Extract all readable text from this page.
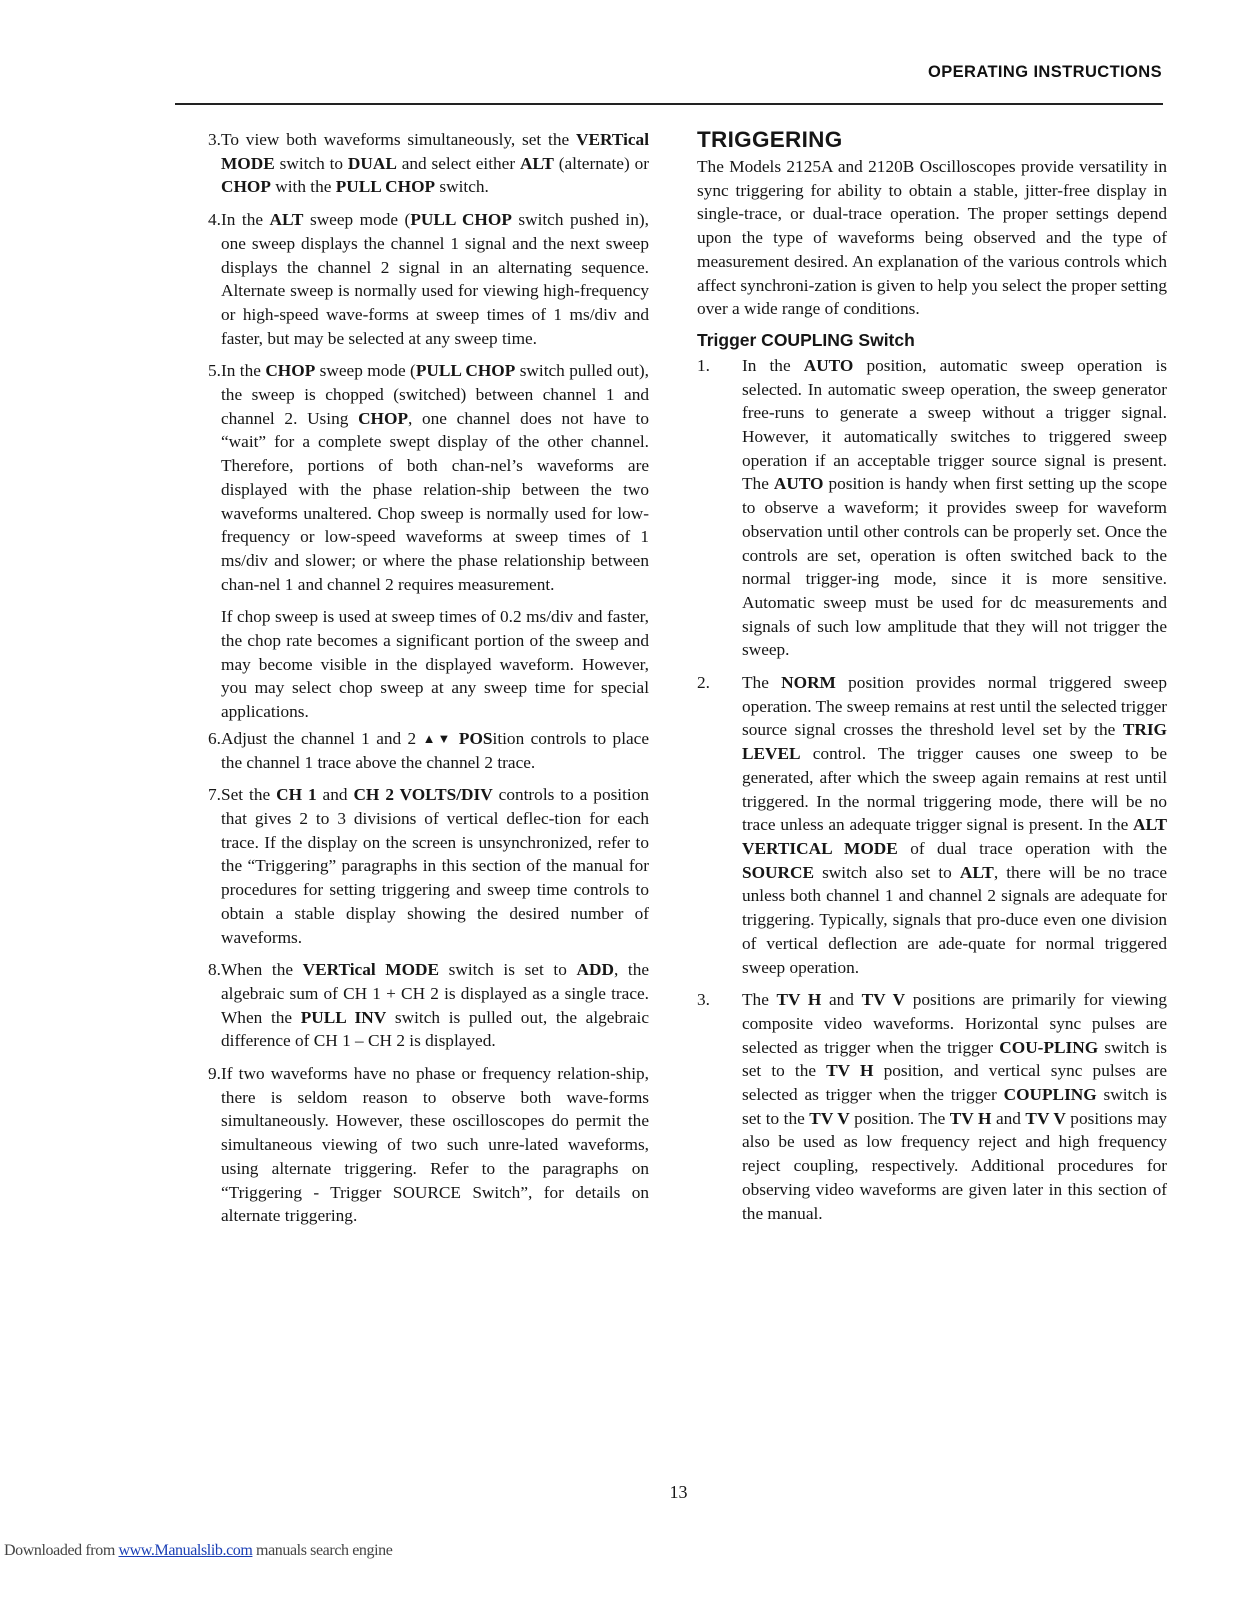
OPERATING INSTRUCTIONS
3. To view both waveforms simultaneously, set the VERTical MODE switch to DUAL and select either ALT (alternate) or CHOP with the PULL CHOP switch.
4. In the ALT sweep mode (PULL CHOP switch pushed in), one sweep displays the channel 1 signal and the next sweep displays the channel 2 signal in an alternating sequence. Alternate sweep is normally used for viewing high-frequency or high-speed wave-forms at sweep times of 1 ms/div and faster, but may be selected at any sweep time.
5. In the CHOP sweep mode (PULL CHOP switch pulled out), the sweep is chopped (switched) between channel 1 and channel 2. Using CHOP, one channel does not have to “wait” for a complete swept display of the other channel. Therefore, portions of both chan-nel’s waveforms are displayed with the phase relation-ship between the two waveforms unaltered. Chop sweep is normally used for low-frequency or low-speed waveforms at sweep times of 1 ms/div and slower; or where the phase relationship between chan-nel 1 and channel 2 requires measurement.
If chop sweep is used at sweep times of 0.2 ms/div and faster, the chop rate becomes a significant portion of the sweep and may become visible in the displayed waveform. However, you may select chop sweep at any sweep time for special applications.
6. Adjust the channel 1 and 2 ▲▼ POSition controls to place the channel 1 trace above the channel 2 trace.
7. Set the CH 1 and CH 2 VOLTS/DIV controls to a position that gives 2 to 3 divisions of vertical deflec-tion for each trace. If the display on the screen is unsynchronized, refer to the “Triggering” paragraphs in this section of the manual for procedures for setting triggering and sweep time controls to obtain a stable display showing the desired number of waveforms.
8. When the VERTical MODE switch is set to ADD, the algebraic sum of CH 1 + CH 2 is displayed as a single trace. When the PULL INV switch is pulled out, the algebraic difference of CH 1 – CH 2 is displayed.
9. If two waveforms have no phase or frequency relation-ship, there is seldom reason to observe both wave-forms simultaneously. However, these oscilloscopes do permit the simultaneous viewing of two such unre-lated waveforms, using alternate triggering. Refer to the paragraphs on “Triggering - Trigger SOURCE Switch”, for details on alternate triggering.
TRIGGERING

The Models 2125A and 2120B Oscilloscopes provide versatility in sync triggering for ability to obtain a stable, jitter-free display in single-trace, or dual-trace operation. The proper settings depend upon the type of waveforms being observed and the type of measurement desired. An explanation of the various controls which affect synchroni-zation is given to help you select the proper setting over a wide range of conditions.

Trigger COUPLING Switch
1.	In the AUTO position, automatic sweep operation is selected. In automatic sweep operation, the sweep generator free-runs to generate a sweep without a trigger signal. However, it automatically switches to triggered sweep operation if an acceptable trigger source signal is present. The AUTO position is handy when first setting up the scope to observe a waveform; it provides sweep for waveform observation until other controls can be properly set. Once the controls are set, operation is often switched back to the normal trigger-ing mode, since it is more sensitive. Automatic sweep must be used for dc measurements and signals of such low amplitude that they will not trigger the sweep.
2.	The NORM position provides normal triggered sweep operation. The sweep remains at rest until the selected trigger source signal crosses the threshold level set by the TRIG LEVEL control. The trigger causes one sweep to be generated, after which the sweep again remains at rest until triggered. In the normal triggering mode, there will be no trace unless an adequate trigger signal is present. In the ALT VERTICAL MODE of dual trace operation with the SOURCE switch also set to ALT, there will be no trace unless both channel 1 and channel 2 signals are adequate for triggering. Typically, signals that pro-duce even one division of vertical deflection are ade-quate for normal triggered sweep operation.
3.	The TV H and TV V positions are primarily for viewing composite video waveforms. Horizontal sync pulses are selected as trigger when the trigger COU-PLING switch is set to the TV H position, and vertical sync pulses are selected as trigger when the trigger COUPLING switch is set to the TV V position. The TV H and TV V positions may also be used as low frequency reject and high frequency reject coupling, respectively. Additional procedures for observing video waveforms are given later in this section of the manual.
13
Downloaded from www.Manualslib.com manuals search engine
